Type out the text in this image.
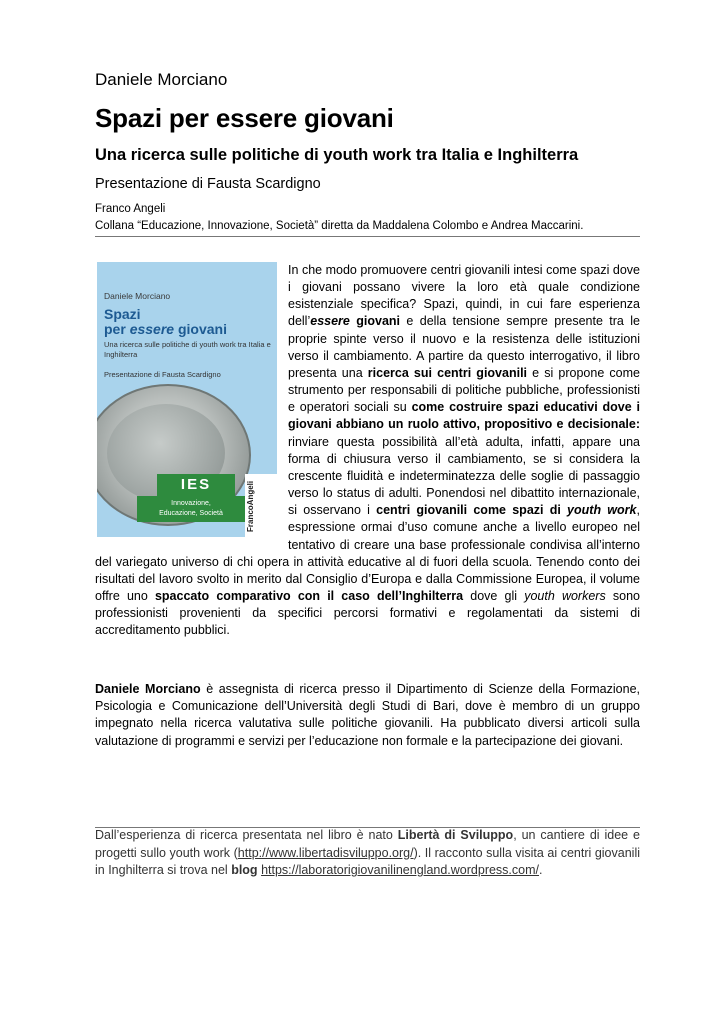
Daniele Morciano
Spazi per essere giovani
Una ricerca sulle politiche di youth work tra Italia e Inghilterra
Presentazione di Fausta Scardigno
Franco Angeli
Collana “Educazione, Innovazione, Società” diretta da Maddalena Colombo e Andrea Maccarini.
Daniele Morciano
Spazi
per essere giovani
Una ricerca sulle politiche di youth work tra Italia e Inghilterra
Presentazione di Fausta Scardigno
IES
Innovazione,
Educazione, Società	FrancoAngeli
In che modo promuovere centri giovanili intesi come spazi dove i giovani possano vivere la loro età quale condizione esistenziale specifica? Spazi, quindi, in cui fare esperienza dell’essere giovani e della tensione sempre presente tra le proprie spinte verso il nuovo e la resistenza delle istituzioni verso il cambiamento. A partire da questo interrogativo, il libro presenta una ricerca sui centri giovanili e si propone come strumento per responsabili di politiche pubbliche, professionisti e operatori sociali su come costruire spazi educativi dove i giovani abbiano un ruolo attivo, propositivo e decisionale: rinviare questa possibilità all’età adulta, infatti, appare una forma di chiusura verso il cambiamento, se si considera la crescente fluidità e indeterminatezza delle soglie di passaggio verso lo status di adulti. Ponendosi nel dibattito internazionale, si osservano i centri giovanili come spazi di youth work, espressione ormai d’uso comune anche a livello europeo nel tentativo di creare una base professionale condivisa all’interno del variegato universo di chi opera in attività educative al di fuori della scuola. Tenendo conto dei risultati del lavoro svolto in merito dal Consiglio d’Europa e dalla Commissione Europea, il volume offre uno spaccato comparativo con il caso dell’Inghilterra dove gli youth workers sono professionisti provenienti da specifici percorsi formativi e regolamentati da sistemi di accreditamento pubblici.
Daniele Morciano è assegnista di ricerca presso il Dipartimento di Scienze della Formazione, Psicologia e Comunicazione dell’Università degli Studi di Bari, dove è membro di un gruppo impegnato nella ricerca valutativa sulle politiche giovanili. Ha pubblicato diversi articoli sulla valutazione di programmi e servizi per l’educazione non formale e la partecipazione dei giovani.
Dall’esperienza di ricerca presentata nel libro è nato Libertà di Sviluppo, un cantiere di idee e progetti sullo youth work (http://www.libertadisviluppo.org/). Il racconto sulla visita ai centri giovanili in Inghilterra si trova nel blog https://laboratorigiovanilinengland.wordpress.com/.
